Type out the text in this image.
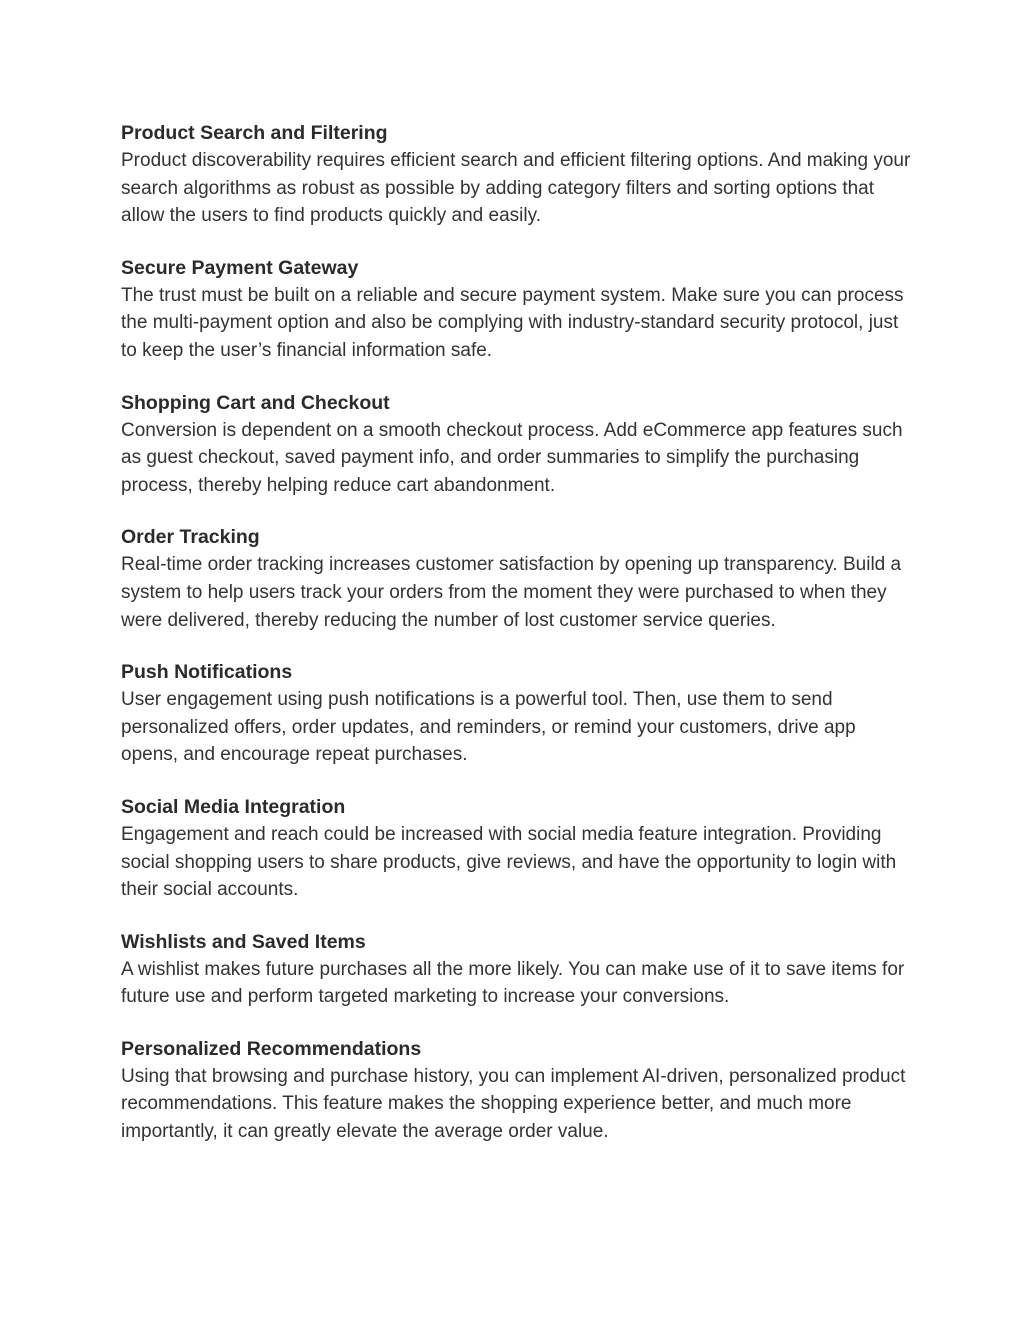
Product Search and Filtering

Product discoverability requires efficient search and efficient filtering options. And making your search algorithms as robust as possible by adding category filters and sorting options that allow the users to find products quickly and easily.

Secure Payment Gateway

The trust must be built on a reliable and secure payment system. Make sure you can process the multi-payment option and also be complying with industry-standard security protocol, just to keep the user’s financial information safe.

Shopping Cart and Checkout

Conversion is dependent on a smooth checkout process. Add eCommerce app features such as guest checkout, saved payment info, and order summaries to simplify the purchasing process, thereby helping reduce cart abandonment.

Order Tracking

Real-time order tracking increases customer satisfaction by opening up transparency. Build a system to help users track your orders from the moment they were purchased to when they were delivered, thereby reducing the number of lost customer service queries.

Push Notifications

User engagement using push notifications is a powerful tool. Then, use them to send personalized offers, order updates, and reminders, or remind your customers, drive app opens, and encourage repeat purchases.

Social Media Integration

Engagement and reach could be increased with social media feature integration. Providing social shopping users to share products, give reviews, and have the opportunity to login with their social accounts.

Wishlists and Saved Items

A wishlist makes future purchases all the more likely. You can make use of it to save items for future use and perform targeted marketing to increase your conversions.

Personalized Recommendations

Using that browsing and purchase history, you can implement AI-driven, personalized product recommendations. This feature makes the shopping experience better, and much more importantly, it can greatly elevate the average order value.
